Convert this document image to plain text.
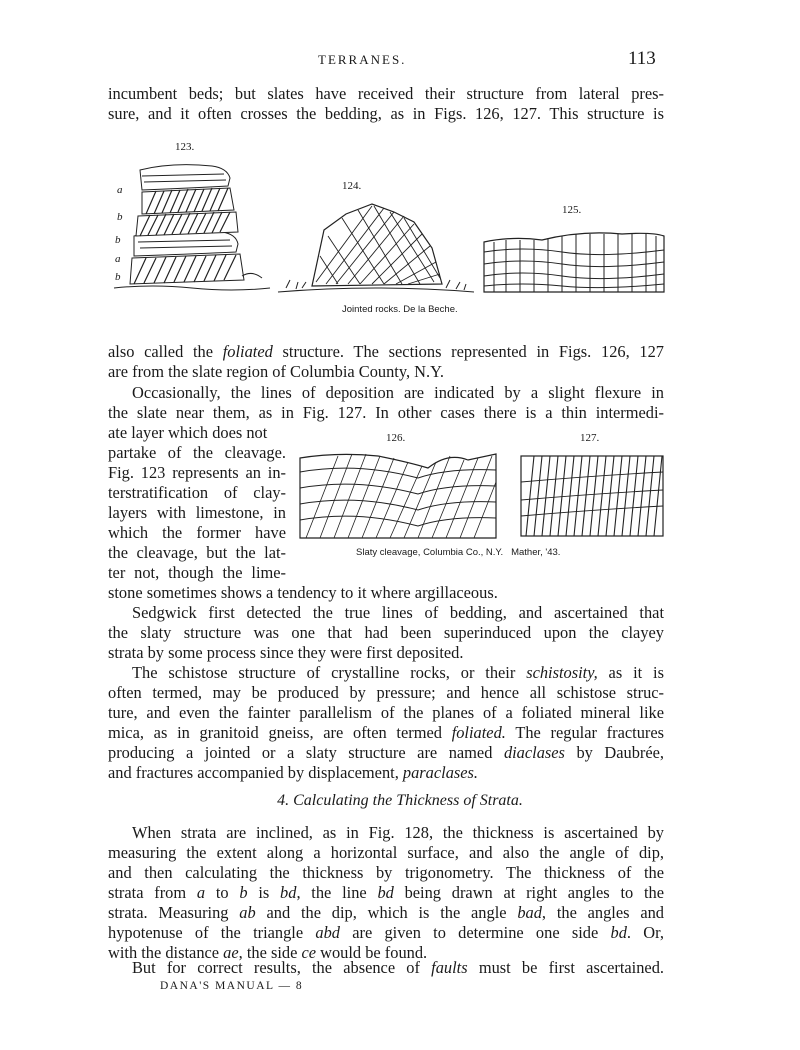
TERRANES.	113
incumbent beds; but slates have received their structure from lateral pres-
sure, and it often crosses the bedding, as in Figs. 126, 127. This structure is
123.
a
b
b
a
b
124.
Jointed rocks. De la Beche.
125.
also called the foliated structure. The sections represented in Figs. 126, 127
are from the slate region of Columbia County, N.Y.
Occasionally, the lines of deposition are indicated by a slight flexure in
the slate near them, as in Fig. 127. In other cases there is a thin intermedi-
ate layer which does not
partake of the cleavage.
Fig. 123 represents an in-
terstratification of clay-
layers with limestone, in
which the former have
the cleavage, but the lat-
ter not, though the lime-
stone sometimes shows a tendency to it where argillaceous.
126.	127.
Slaty cleavage, Columbia Co., N.Y. Mather, '43.
Sedgwick first detected the true lines of bedding, and ascertained that
the slaty structure was one that had been superinduced upon the clayey
strata by some process since they were first deposited.
The schistose structure of crystalline rocks, or their schistosity, as it is
often termed, may be produced by pressure; and hence all schistose struc-
ture, and even the fainter parallelism of the planes of a foliated mineral like
mica, as in granitoid gneiss, are often termed foliated. The regular fractures
producing a jointed or a slaty structure are named diaclases by Daubrée,
and fractures accompanied by displacement, paraclases.
4. Calculating the Thickness of Strata.
When strata are inclined, as in Fig. 128, the thickness is ascertained by
measuring the extent along a horizontal surface, and also the angle of dip,
and then calculating the thickness by trigonometry. The thickness of the
strata from a to b is bd, the line bd being drawn at right angles to the
strata. Measuring ab and the dip, which is the angle bad, the angles and
hypotenuse of the triangle abd are given to determine one side bd. Or,
with the distance ae, the side ce would be found.
But for correct results, the absence of faults must be first ascertained.
DANA'S MANUAL — 8
